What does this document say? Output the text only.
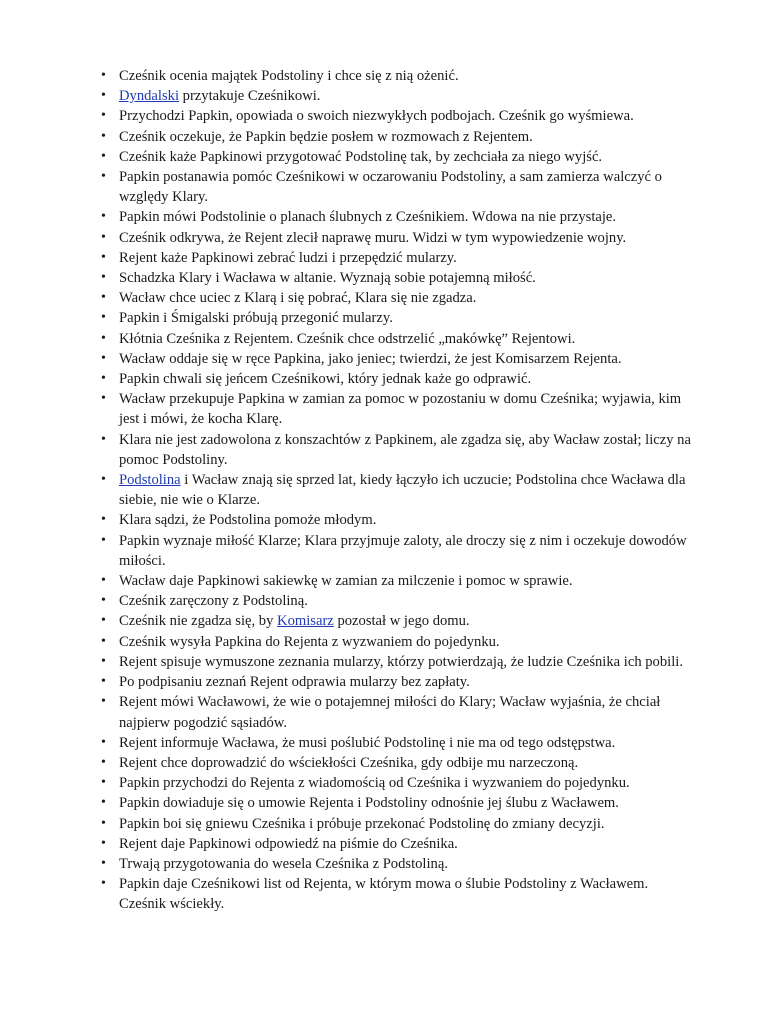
• Cześnik ocenia majątek Podstoliny i chce się z nią ożenić.
• Dyndalski przytakuje Cześnikowi.
• Przychodzi Papkin, opowiada o swoich niezwykłych podbojach. Cześnik go wyśmiewa.
• Cześnik oczekuje, że Papkin będzie posłem w rozmowach z Rejentem.
• Cześnik każe Papkinowi przygotować Podstolinę tak, by zechciała za niego wyjść.
• Papkin postanawia pomóc Cześnikowi w oczarowaniu Podstoliny, a sam zamierza walczyć o względy Klary.
• Papkin mówi Podstolinie o planach ślubnych z Cześnikiem. Wdowa na nie przystaje.
• Cześnik odkrywa, że Rejent zlecił naprawę muru. Widzi w tym wypowiedzenie wojny.
• Rejent każe Papkinowi zebrać ludzi i przepędzić mularzy.
• Schadzka Klary i Wacława w altanie. Wyznają sobie potajemną miłość.
• Wacław chce uciec z Klarą i się pobrać, Klara się nie zgadza.
• Papkin i Śmigalski próbują przegonić mularzy.
• Kłótnia Cześnika z Rejentem. Cześnik chce odstrzelić „makówkę” Rejentowi.
• Wacław oddaje się w ręce Papkina, jako jeniec; twierdzi, że jest Komisarzem Rejenta.
• Papkin chwali się jeńcem Cześnikowi, który jednak każe go odprawić.
• Wacław przekupuje Papkina w zamian za pomoc w pozostaniu w domu Cześnika; wyjawia, kim jest i mówi, że kocha Klarę.
• Klara nie jest zadowolona z konszachtów z Papkinem, ale zgadza się, aby Wacław został; liczy na pomoc Podstoliny.
• Podstolina i Wacław znają się sprzed lat, kiedy łączyło ich uczucie; Podstolina chce Wacława dla siebie, nie wie o Klarze.
• Klara sądzi, że Podstolina pomoże młodym.
• Papkin wyznaje miłość Klarze; Klara przyjmuje zaloty, ale droczy się z nim i oczekuje dowodów miłości.
• Wacław daje Papkinowi sakiewkę w zamian za milczenie i pomoc w sprawie.
• Cześnik zaręczony z Podstoliną.
• Cześnik nie zgadza się, by Komisarz pozostał w jego domu.
• Cześnik wysyła Papkina do Rejenta z wyzwaniem do pojedynku.
• Rejent spisuje wymuszone zeznania mularzy, którzy potwierdzają, że ludzie Cześnika ich pobili.
• Po podpisaniu zeznań Rejent odprawia mularzy bez zapłaty.
• Rejent mówi Wacławowi, że wie o potajemnej miłości do Klary; Wacław wyjaśnia, że chciał najpierw pogodzić sąsiadów.
• Rejent informuje Wacława, że musi poślubić Podstolinę i nie ma od tego odstępstwa.
• Rejent chce doprowadzić do wściekłości Cześnika, gdy odbije mu narzeczoną.
• Papkin przychodzi do Rejenta z wiadomością od Cześnika i wyzwaniem do pojedynku.
• Papkin dowiaduje się o umowie Rejenta i Podstoliny odnośnie jej ślubu z Wacławem.
• Papkin boi się gniewu Cześnika i próbuje przekonać Podstolinę do zmiany decyzji.
• Rejent daje Papkinowi odpowiedź na piśmie do Cześnika.
• Trwają przygotowania do wesela Cześnika z Podstoliną.
• Papkin daje Cześnikowi list od Rejenta, w którym mowa o ślubie Podstoliny z Wacławem. Cześnik wściekły.
